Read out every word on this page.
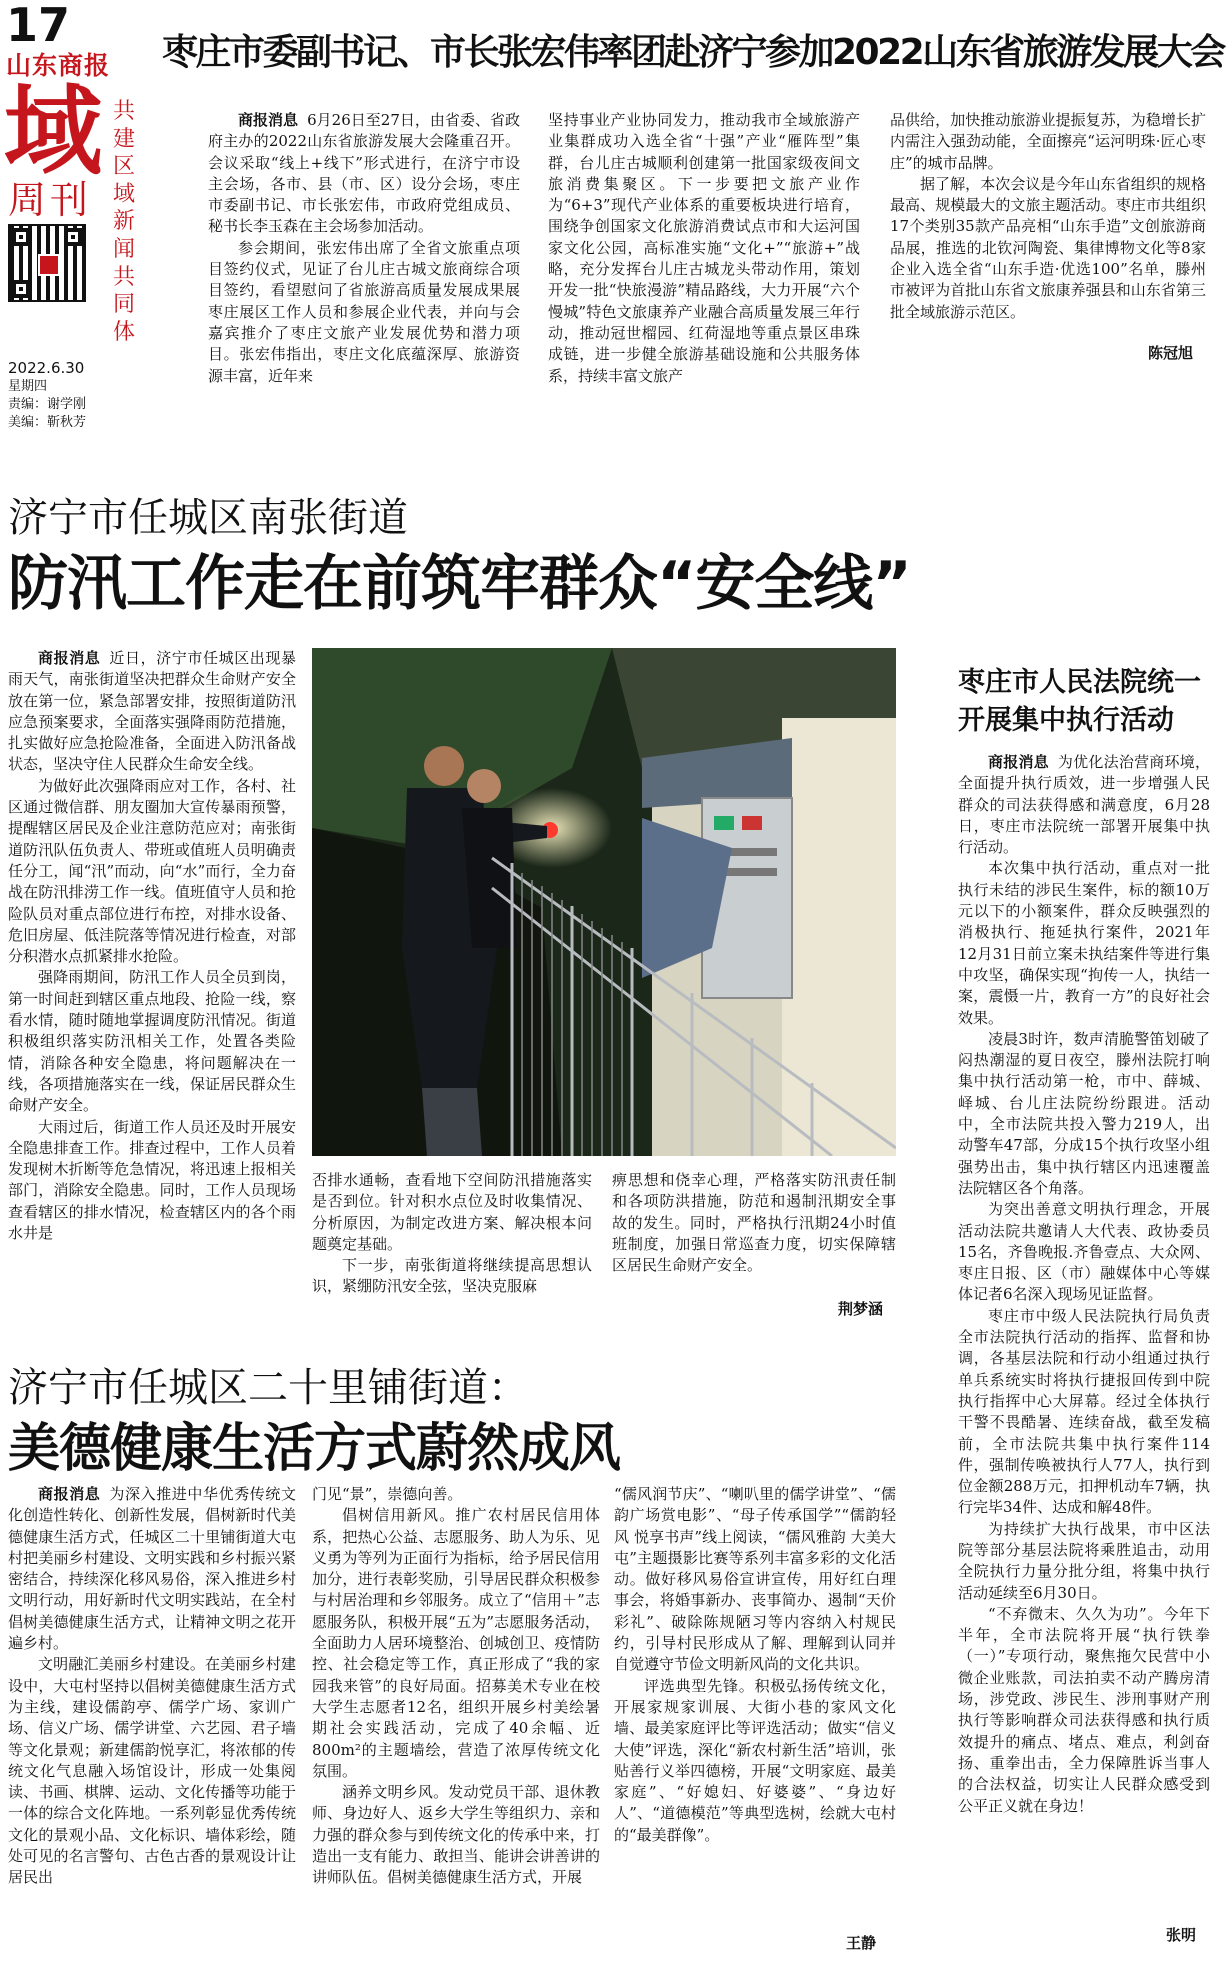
17
山东商报
域
周刊
共建区域新闻共同体
2022.6.30
星期四
责编：谢学刚
美编：靳秋芳
枣庄市委副书记、市长张宏伟率团赴济宁参加2022山东省旅游发展大会

商报消息 6月26日至27日，由省委、省政府主办的2022山东省旅游发展大会隆重召开。会议采取“线上+线下”形式进行，在济宁市设主会场，各市、县（市、区）设分会场，枣庄市委副书记、市长张宏伟，市政府党组成员、秘书长李玉森在主会场参加活动。

参会期间，张宏伟出席了全省文旅重点项目签约仪式，见证了台儿庄古城文旅商综合项目签约，看望慰问了省旅游高质量发展成果展枣庄展区工作人员和参展企业代表，并向与会嘉宾推介了枣庄文旅产业发展优势和潜力项目。张宏伟指出，枣庄文化底蕴深厚、旅游资源丰富，近年来

坚持事业产业协同发力，推动我市全域旅游产业集群成功入选全省“十强”产业“雁阵型”集群，台儿庄古城顺利创建第一批国家级夜间文旅消费集聚区。下一步要把文旅产业作为“6+3”现代产业体系的重要板块进行培育，围绕争创国家文化旅游消费试点市和大运河国家文化公园，高标准实施“文化+”“旅游+”战略，充分发挥台儿庄古城龙头带动作用，策划开发一批“快旅漫游”精品路线，大力开展“六个慢城”特色文旅康养产业融合高质量发展三年行动，推动冠世榴园、红荷湿地等重点景区串珠成链，进一步健全旅游基础设施和公共服务体系，持续丰富文旅产

品供给，加快推动旅游业提振复苏，为稳增长扩内需注入强劲动能，全面擦亮“运河明珠·匠心枣庄”的城市品牌。

据了解，本次会议是今年山东省组织的规格最高、规模最大的文旅主题活动。枣庄市共组织17个类别35款产品亮相“山东手造”文创旅游商品展，推选的北钦河陶瓷、集律博物文化等8家企业入选全省“山东手造·优选100”名单，滕州市被评为首批山东省文旅康养强县和山东省第三批全域旅游示范区。

陈冠旭
济宁市任城区南张街道
防汛工作走在前筑牢群众“安全线”

商报消息 近日，济宁市任城区出现暴雨天气，南张街道坚决把群众生命财产安全放在第一位，紧急部署安排，按照街道防汛应急预案要求，全面落实强降雨防范措施，扎实做好应急抢险准备，全面进入防汛备战状态，坚决守住人民群众生命安全线。

为做好此次强降雨应对工作，各村、社区通过微信群、朋友圈加大宣传暴雨预警，提醒辖区居民及企业注意防范应对；南张街道防汛队伍负责人、带班或值班人员明确责任分工，闻“汛”而动，向“水”而行，全力奋战在防汛排涝工作一线。值班值守人员和抢险队员对重点部位进行布控，对排水设备、危旧房屋、低洼院落等情况进行检查，对部分积潜水点抓紧排水抢险。

强降雨期间，防汛工作人员全员到岗，第一时间赶到辖区重点地段、抢险一线，察看水情，随时随地掌握调度防汛情况。街道积极组织落实防汛相关工作，处置各类险情，消除各种安全隐患，将问题解决在一线，各项措施落实在一线，保证居民群众生命财产安全。

大雨过后，街道工作人员还及时开展安全隐患排查工作。排查过程中，工作人员着发现树木折断等危急情况，将迅速上报相关部门，消除安全隐患。同时，工作人员现场查看辖区的排水情况，检查辖区内的各个雨水井是

否排水通畅，查看地下空间防汛措施落实是否到位。针对积水点位及时收集情况、分析原因，为制定改进方案、解决根本问题奠定基础。

下一步，南张街道将继续提高思想认识，紧绷防汛安全弦，坚决克服麻

痹思想和侥幸心理，严格落实防汛责任制和各项防洪措施，防范和遏制汛期安全事故的发生。同时，严格执行汛期24小时值班制度，加强日常巡查力度，切实保障辖区居民生命财产安全。

荆梦涵
枣庄市人民法院统一开展集中执行活动

商报消息 为优化法治营商环境，全面提升执行质效，进一步增强人民群众的司法获得感和满意度，6月28日，枣庄市法院统一部署开展集中执行活动。

本次集中执行活动，重点对一批执行未结的涉民生案件，标的额10万元以下的小额案件，群众反映强烈的消极执行、拖延执行案件，2021年12月31日前立案未执结案件等进行集中攻坚，确保实现“拘传一人，执结一案，震慑一片，教育一方”的良好社会效果。

凌晨3时许，数声清脆警笛划破了闷热潮湿的夏日夜空，滕州法院打响集中执行活动第一枪，市中、薛城、峄城、台儿庄法院纷纷跟进。活动中，全市法院共投入警力219人，出动警车47部，分成15个执行攻坚小组强势出击，集中执行辖区内迅速覆盖法院辖区各个角落。

为突出善意文明执行理念，开展活动法院共邀请人大代表、政协委员15名，齐鲁晚报.齐鲁壹点、大众网、枣庄日报、区（市）融媒体中心等媒体记者6名深入现场见证监督。

枣庄市中级人民法院执行局负责全市法院执行活动的指挥、监督和协调，各基层法院和行动小组通过执行单兵系统实时将执行捷报回传到中院执行指挥中心大屏幕。经过全体执行干警不畏酷暑、连续奋战，截至发稿前，全市法院共集中执行案件114件，强制传唤被执行人77人，执行到位金额288万元，扣押机动车7辆，执行完毕34件、达成和解48件。

为持续扩大执行战果，市中区法院等部分基层法院将乘胜追击，动用全院执行力量分批分组，将集中执行活动延续至6月30日。

“不弃微末、久久为功”。今年下半年，全市法院将开展“执行铁拳（一）”专项行动，聚焦拖欠民营中小微企业账款，司法拍卖不动产腾房清场，涉党政、涉民生、涉刑事财产刑执行等影响群众司法获得感和执行质效提升的痛点、堵点、难点，利剑奋扬、重拳出击，全力保障胜诉当事人的合法权益，切实让人民群众感受到公平正义就在身边！

张明
济宁市任城区二十里铺街道：
美德健康生活方式蔚然成风

商报消息 为深入推进中华优秀传统文化创造性转化、创新性发展，倡树新时代美德健康生活方式，任城区二十里铺街道大屯村把美丽乡村建设、文明实践和乡村振兴紧密结合，持续深化移风易俗，深入推进乡村文明行动，用好新时代文明实践站，在全村倡树美德健康生活方式，让精神文明之花开遍乡村。

文明融汇美丽乡村建设。在美丽乡村建设中，大屯村坚持以倡树美德健康生活方式为主线，建设儒韵亭、儒学广场、家训广场、信义广场、儒学讲堂、六艺园、君子墙等文化景观；新建儒韵悦享汇，将浓郁的传统文化气息融入场馆设计，形成一处集阅读、书画、棋牌、运动、文化传播等功能于一体的综合文化阵地。一系列彰显优秀传统文化的景观小品、文化标识、墙体彩绘，随处可见的名言警句、古色古香的景观设计让居民出

门见“景”，崇德向善。

倡树信用新风。推广农村居民信用体系，把热心公益、志愿服务、助人为乐、见义勇为等列为正面行为指标，给予居民信用加分，进行表彰奖励，引导居民群众积极参与村居治理和乡邻服务。成立了“信用＋”志愿服务队，积极开展“五为”志愿服务活动，全面助力人居环境整治、创城创卫、疫情防控、社会稳定等工作，真正形成了“我的家园我来管”的良好局面。招募美术专业在校大学生志愿者12名，组织开展乡村美绘暑期社会实践活动，完成了40余幅、近800m²的主题墙绘，营造了浓厚传统文化氛围。

涵养文明乡风。发动党员干部、退休教师、身边好人、返乡大学生等组织力、亲和力强的群众参与到传统文化的传承中来，打造出一支有能力、敢担当、能讲会讲善讲的讲师队伍。倡树美德健康生活方式，开展

“儒风润节庆”、“喇叭里的儒学讲堂”、“儒韵广场赏电影”、“母子传承国学”“儒韵轻风 悦享书声”线上阅读，“儒风雅韵 大美大屯”主题摄影比赛等系列丰富多彩的文化活动。做好移风易俗宣讲宣传，用好红白理事会，将婚事新办、丧事简办、遏制“天价彩礼”、破除陈规陋习等内容纳入村规民约，引导村民形成从了解、理解到认同并自觉遵守节俭文明新风尚的文化共识。

评选典型先锋。积极弘扬传统文化，开展家规家训展、大街小巷的家风文化墙、最美家庭评比等评选活动；做实“信义大使”评选，深化“新农村新生活”培训，张贴善行义举四德榜，开展“文明家庭、最美家庭”、“好媳妇、好婆婆”、“身边好人”、“道德模范”等典型选树，绘就大屯村的“最美群像”。

王静
